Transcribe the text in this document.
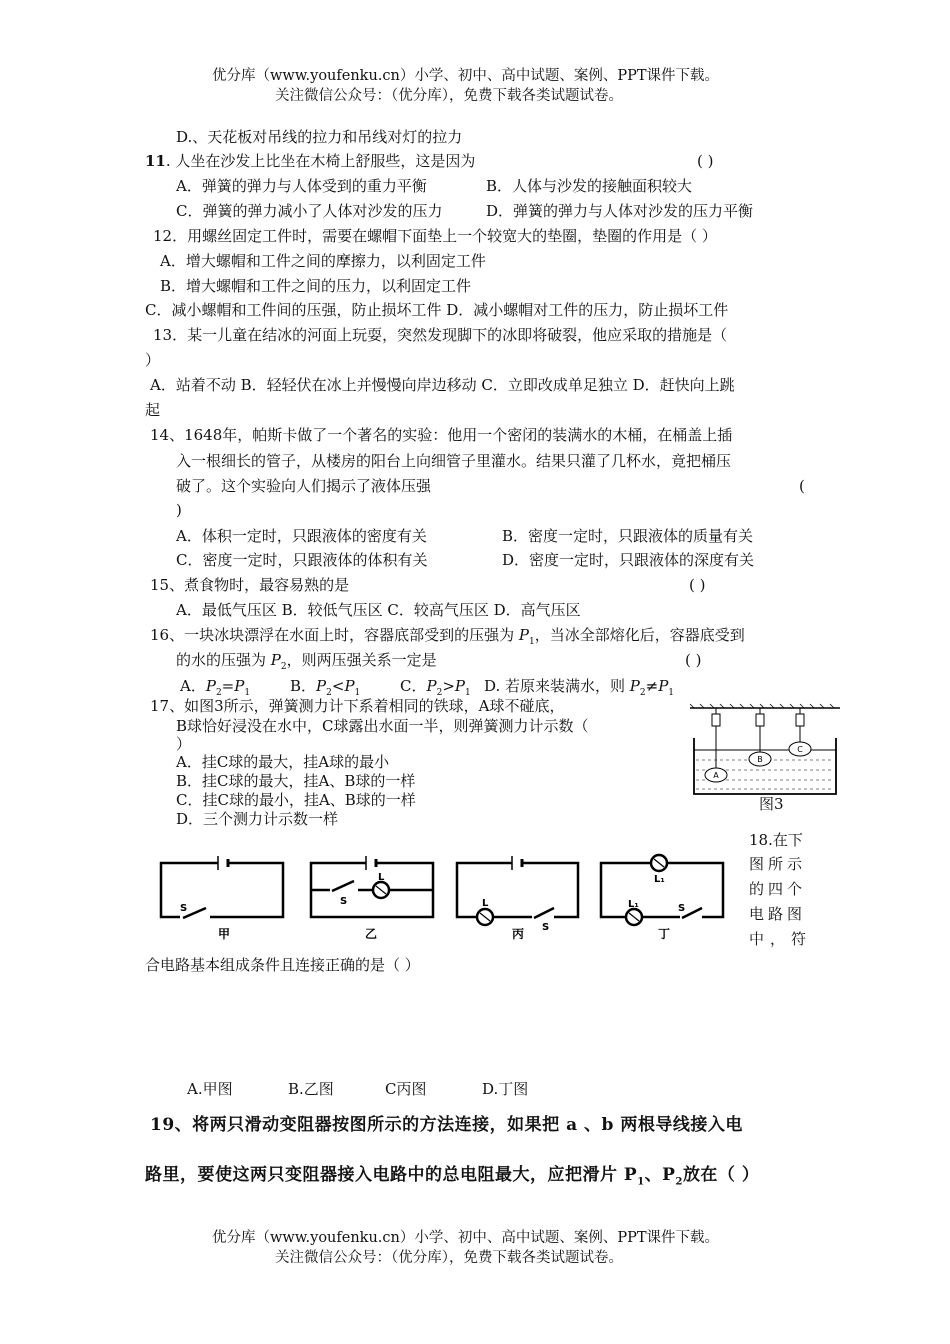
优分库（www.youfenku.cn）小学、初中、高中试题、案例、PPT课件下载。
关注微信公众号：（优分库），免费下载各类试题试卷。
D.、天花板对吊线的拉力和吊线对灯的拉力
11. 人坐在沙发上比坐在木椅上舒服些，这是因为	( )
A．弹簧的弹力与人体受到的重力平衡	B．人体与沙发的接触面积较大
C．弹簧的弹力减小了人体对沙发的压力	D．弹簧的弹力与人体对沙发的压力平衡
12．用螺丝固定工件时，需要在螺帽下面垫上一个较宽大的垫圈，垫圈的作用是（ ）
A．增大螺帽和工件之间的摩擦力，以利固定工件
B．增大螺帽和工件之间的压力，以利固定工件
C．减小螺帽和工件间的压强，防止损坏工件 D．减小螺帽对工件的压力，防止损坏工件
13．某一儿童在结冰的河面上玩耍，突然发现脚下的冰即将破裂，他应采取的措施是（
）
A．站着不动 B．轻轻伏在冰上并慢慢向岸边移动 C．立即改成单足独立 D．赶快向上跳
起
14、1648年，帕斯卡做了一个著名的实验：他用一个密闭的装满水的木桶，在桶盖上插
入一根细长的管子，从楼房的阳台上向细管子里灌水。结果只灌了几杯水，竟把桶压
破了。这个实验向人们揭示了液体压强	(
)
A．体积一定时，只跟液体的密度有关	B．密度一定时，只跟液体的质量有关
C．密度一定时，只跟液体的体积有关	D．密度一定时，只跟液体的深度有关
15、煮食物时，最容易熟的是	( )
A．最低气压区 B．较低气压区 C．较高气压区 D．高气压区
16、一块冰块漂浮在水面上时，容器底部受到的压强为 $P_1$，当冰全部熔化后，容器底受到
的水的压强为 $P_2$，则两压强关系一定是	( )
A．$P_2=P_1$	B．$P_2<P_1$	C．$P_2>P_1$ D. 若原来装满水，则 $P_2\ne P_1$
17、如图3所示，弹簧测力计下系着相同的铁球，A球不碰底，
B球恰好浸没在水中，C球露出水面一半，则弹簧测力计示数（
）
A．挂C球的最大，挂A球的最小
B．挂C球的最大，挂A、B球的一样
C．挂C球的最小，挂A、B球的一样
D．三个测力计示数一样
A
B
C
图3
18.在下
图所示
的四个
电路图
中，符
S
甲
S
L
乙
L
S
丙
L₁
L₁	S
丁
合电路基本组成条件且连接正确的是（ ）
A.甲图	B.乙图	C丙图	D.丁图
19、将两只滑动变阻器按图所示的方法连接，如果把 a 、b 两根导线接入电
路里，要使这两只变阻器接入电路中的总电阻最大，应把滑片 $P_1$、$P_2$放在（ ）
优分库（www.youfenku.cn）小学、初中、高中试题、案例、PPT课件下载。
关注微信公众号：（优分库），免费下载各类试题试卷。
